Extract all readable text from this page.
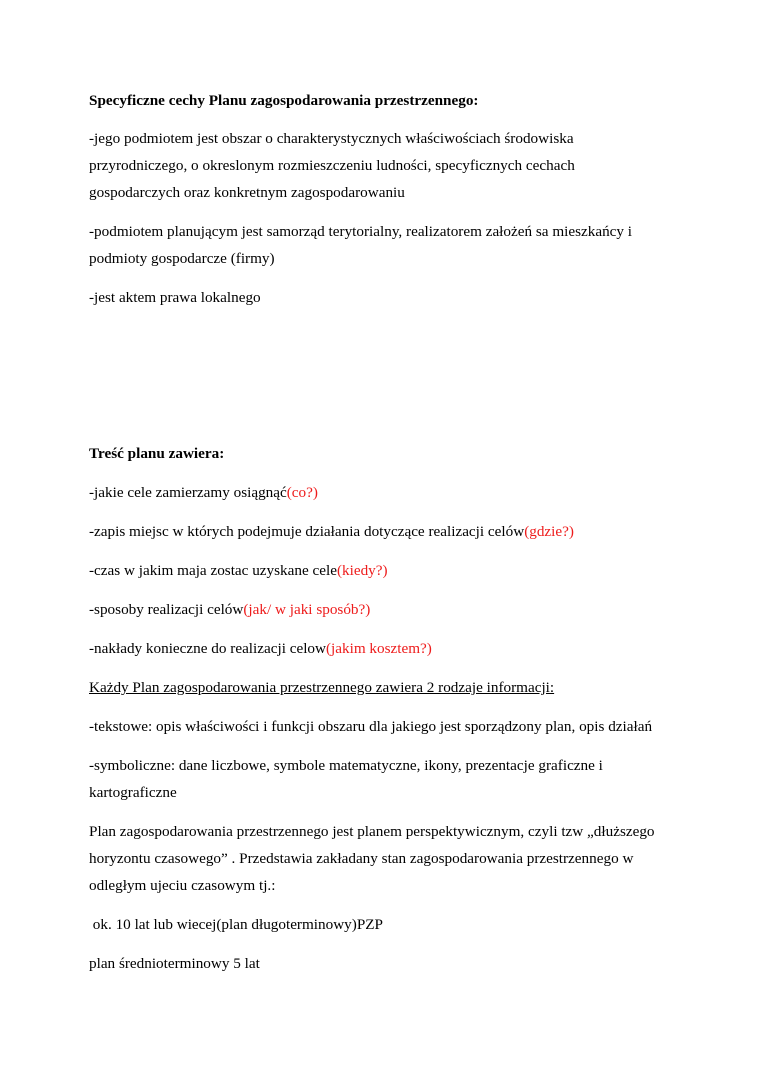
Specyficzne cechy Planu zagospodarowania przestrzennego:
-jego podmiotem jest obszar o charakterystycznych właściwościach środowiska
przyrodniczego, o okreslonym rozmieszczeniu ludności, specyficznych cechach
gospodarczych oraz konkretnym zagospodarowaniu
-podmiotem planującym jest samorząd terytorialny, realizatorem założeń sa mieszkańcy i
podmioty gospodarcze (firmy)
-jest aktem prawa lokalnego
Treść planu zawiera:
-jakie cele zamierzamy osiągnąć(co?)
-zapis miejsc w których podejmuje działania dotyczące realizacji celów(gdzie?)
-czas w jakim maja zostac uzyskane cele(kiedy?)
-sposoby realizacji celów(jak/ w jaki sposób?)
-nakłady konieczne do realizacji celow(jakim kosztem?)
Każdy Plan zagospodarowania przestrzennego zawiera 2 rodzaje informacji:
-tekstowe: opis właściwości i funkcji obszaru dla jakiego jest sporządzony plan, opis działań
-symboliczne: dane liczbowe, symbole matematyczne, ikony, prezentacje graficzne i
kartograficzne
Plan zagospodarowania przestrzennego jest planem perspektywicznym, czyli tzw „dłuższego
horyzontu czasowego” . Przedstawia zakładany stan zagospodarowania przestrzennego w
odległym ujeciu czasowym tj.:
ok. 10 lat lub wiecej(plan długoterminowy)PZP
plan średnioterminowy 5 lat
